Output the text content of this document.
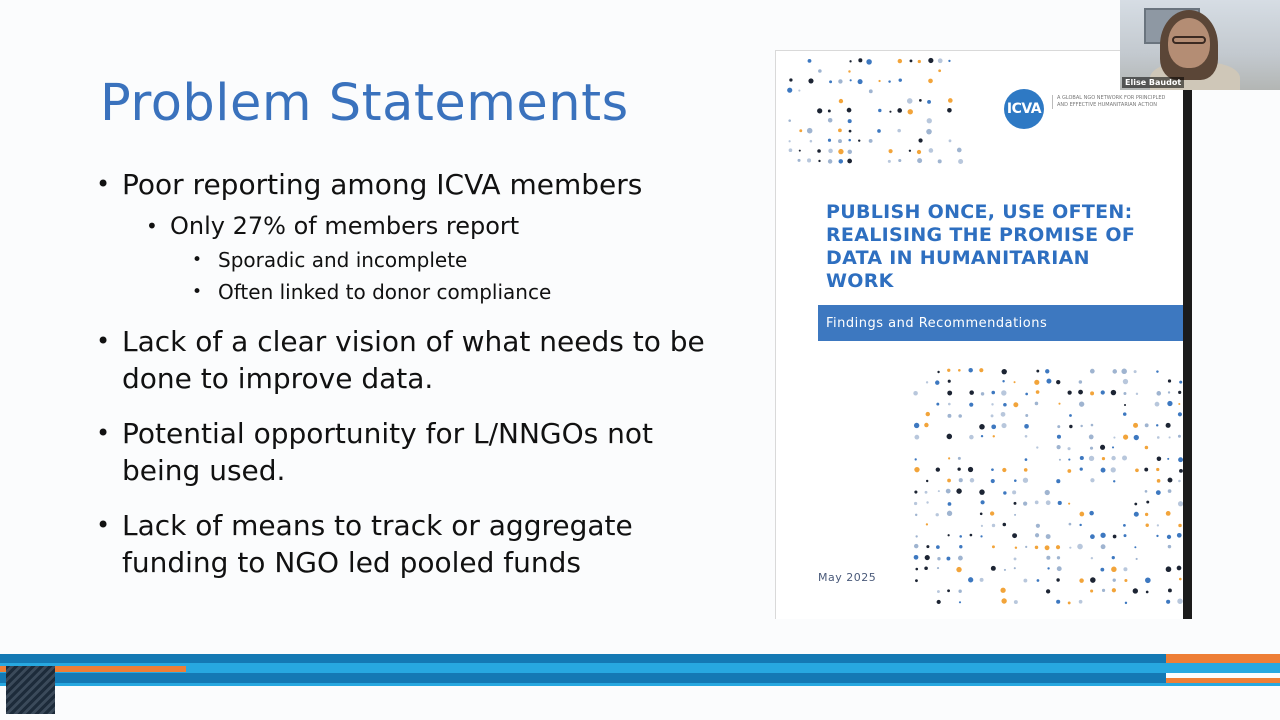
Problem Statements
• Poor reporting among ICVA members
• Only 27% of members report
• Sporadic and incomplete
• Often linked to donor compliance
• Lack of a clear vision of what needs to be done to improve data.
• Potential opportunity for L/NNGOs not being used.
• Lack of means to track or aggregate funding to NGO led pooled funds
ICVA
A GLOBAL NGO NETWORK FOR PRINCIPLED AND EFFECTIVE HUMANITARIAN ACTION
PUBLISH ONCE, USE OFTEN: REALISING THE PROMISE OF DATA IN HUMANITARIAN WORK
Findings and Recommendations
May 2025
Elise Baudot
